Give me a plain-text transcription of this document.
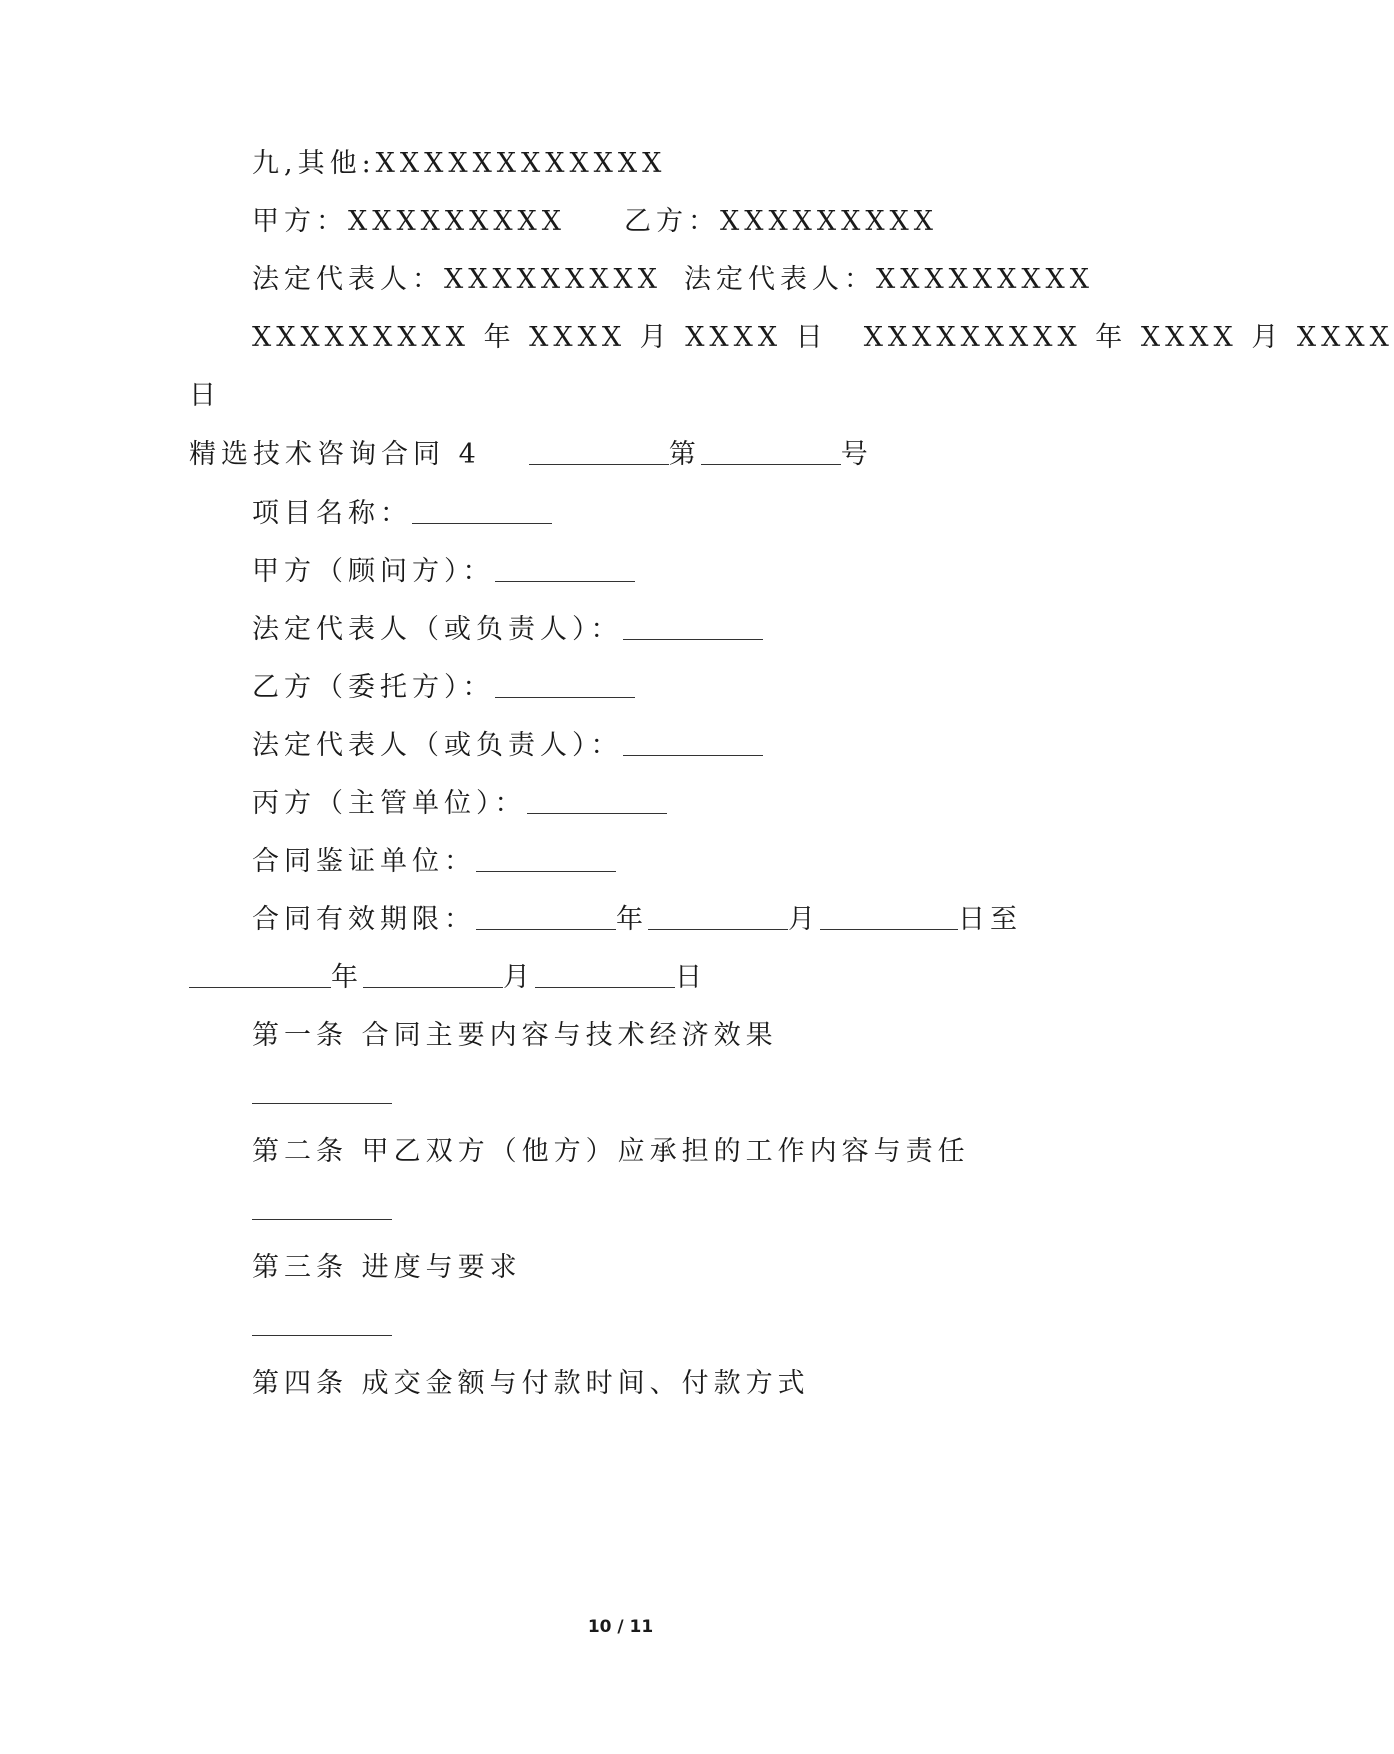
九,其他:XXXXXXXXXXXX
甲方：XXXXXXXXX 乙方：XXXXXXXXX
法定代表人：XXXXXXXXX 法定代表人：XXXXXXXXX
XXXXXXXXX 年 XXXX 月 XXXX 日 XXXXXXXXX 年 XXXX 月 XXXX
日
精选技术咨询合同 4	第	号
项目名称：
甲方（顾问方）：
法定代表人（或负责人）：
乙方（委托方）：
法定代表人（或负责人）：
丙方（主管单位）：
合同鉴证单位：
合同有效期限：	年	月	日至
年	月	日
第一条 合同主要内容与技术经济效果
第二条 甲乙双方（他方）应承担的工作内容与责任
第三条 进度与要求
第四条 成交金额与付款时间、付款方式
10 / 11
